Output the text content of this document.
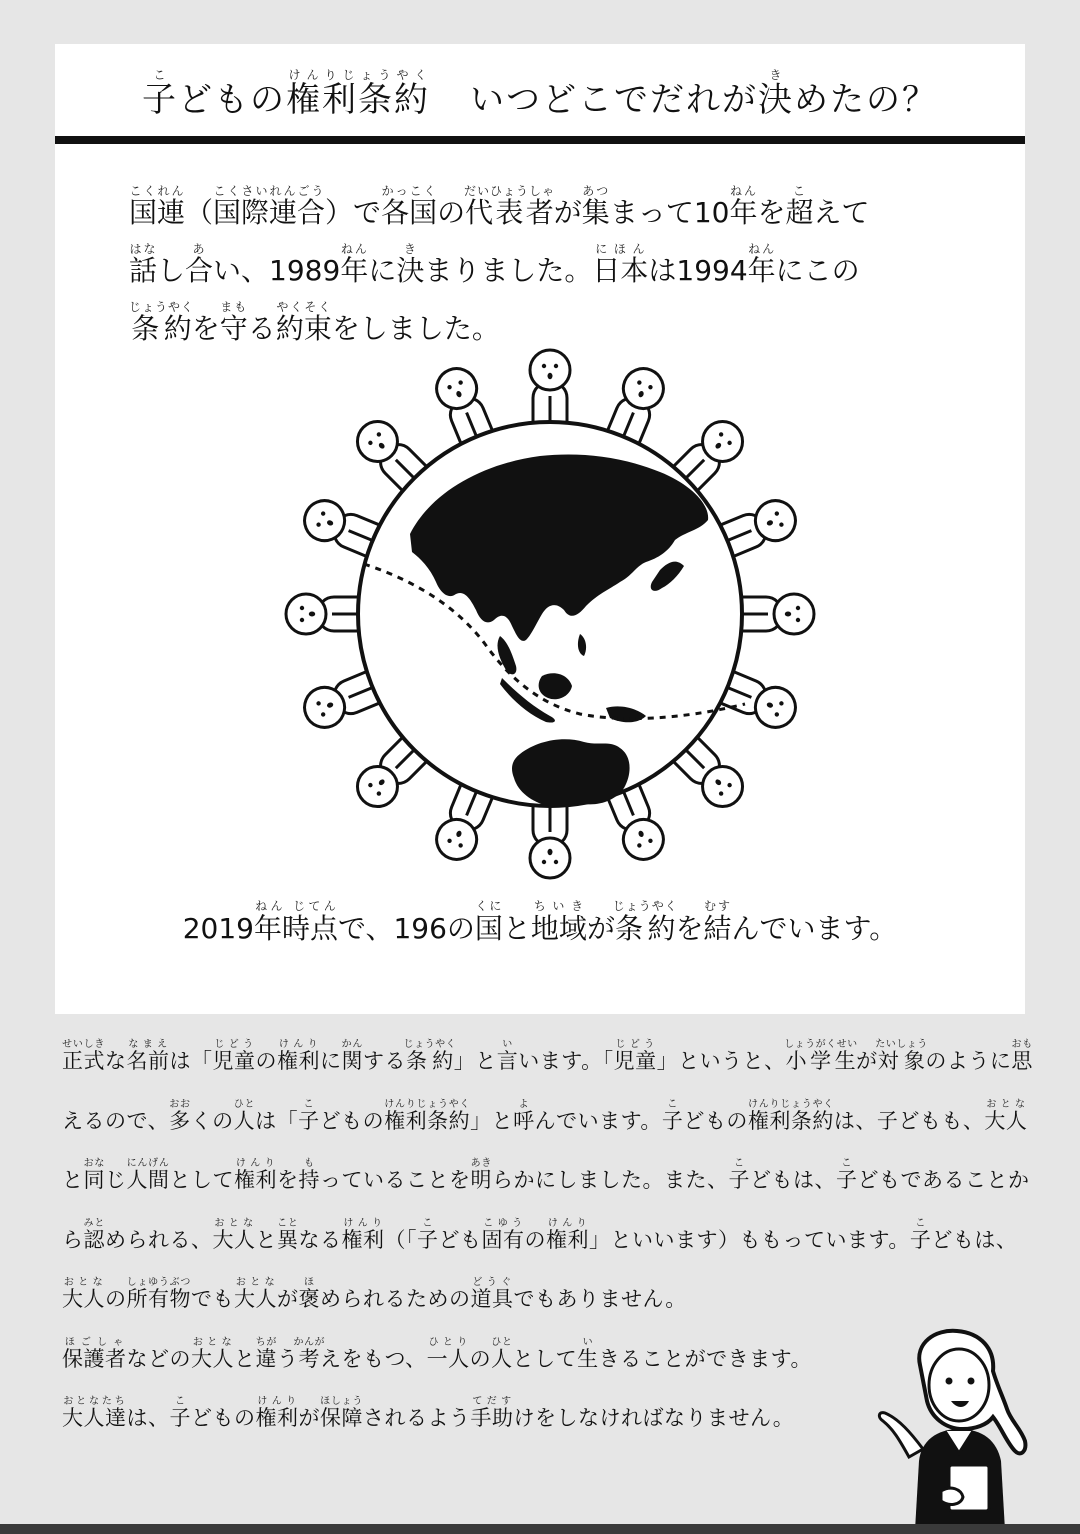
子こどもの権利条約けんりじょうやくいつどこでだれが決きめたの？

国連こくれん（国際連合こくさいれんごう）で各国かっこくの代表者だいひょうしゃが集あつまって10年ねんを超こえて
話はなし合あい、1989年ねんに決きまりました。日本にほんは1994年ねんにこの
条約じょうやくを守まもる約束やくそくをしました。

2019年時点ねん じてんで、196の国くにと地域ちいきが条約じょうやくを結むすんでいます。

正式せいしきな名前なまえは「児童じどうの権利けんりに関かんする条約じょうやく」と言いいます。「児童じどう」というと、小学生しょうがくせいが対象たいしょうのように思おもえるので、多おおくの人ひとは「子こどもの権利条約けんりじょうやく」と呼よんでいます。子こどもの権利条約けんりじょうやくは、子どもも、大人おとなと同おなじ人間にんげんとして権利けんりを持もっていることを明あきらかにしました。また、子こどもは、子こどもであることから認みとめられる、大人おとなと異ことなる権利けんり（「子こども固有こゆうの権利けんり」といいます）ももっています。子こどもは、大人おとなの所有物しょゆうぶつでも大人おとなが褒ほめられるための道具どうぐでもありません。
保護者ほごしゃなどの大人おとなと違ちがう考かんがえをもつ、一人ひとりの人ひととして生いきることができます。
大人達おとなたちは、子こどもの権利けんりが保障ほしょうされるよう手助てだすけをしなければなりません。
